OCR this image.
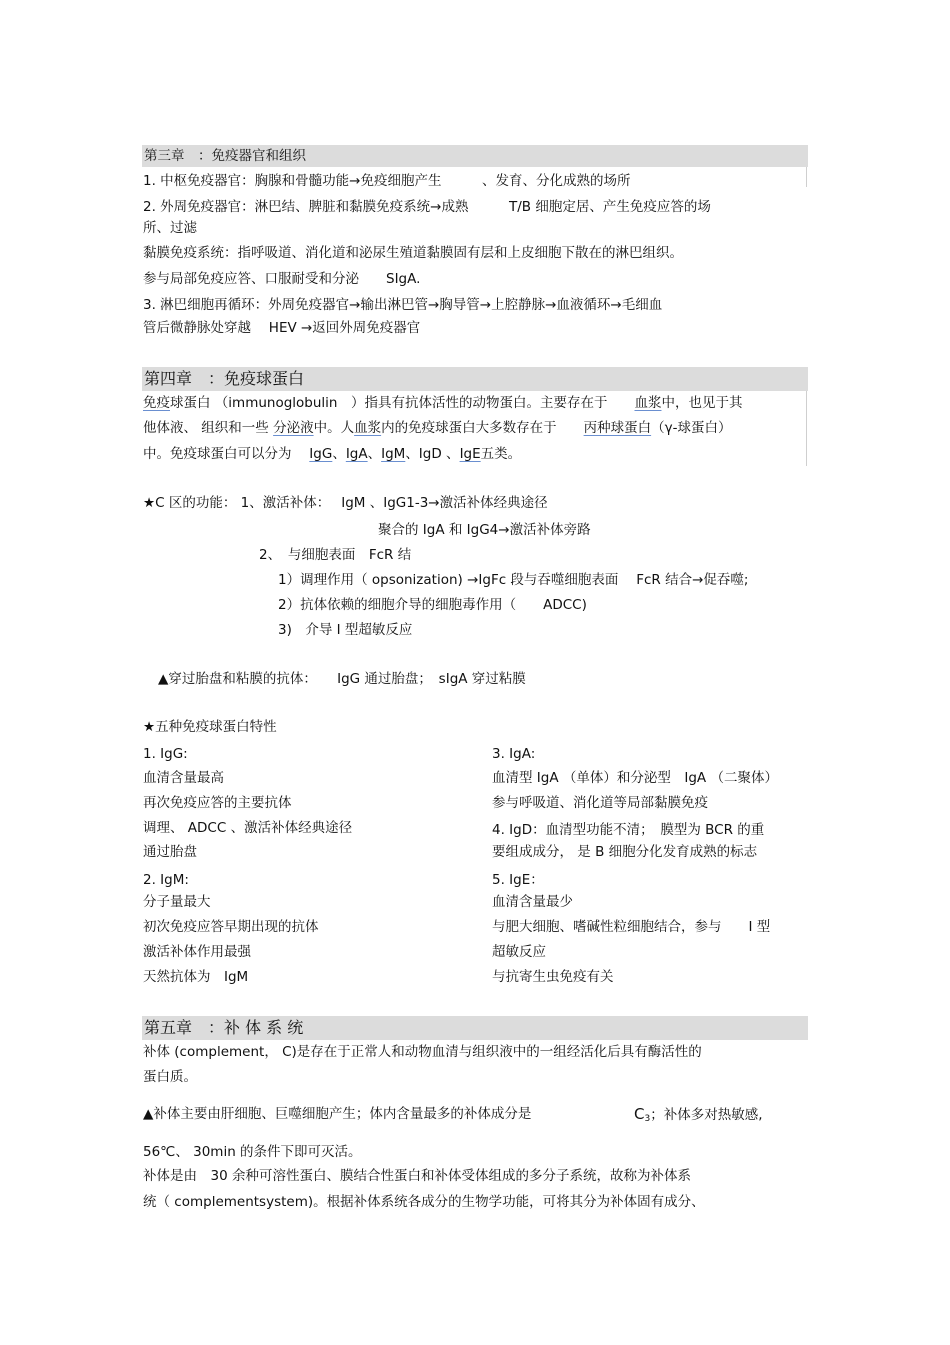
第三章　：免疫器官和组织
1. 中枢免疫器官：胸腺和骨髓功能→免疫细胞产生　　　、发育、分化成熟的场所
2. 外周免疫器官：淋巴结、脾脏和黏膜免疫系统→成熟　　　T/B 细胞定居、产生免疫应答的场
所、过滤
黏膜免疫系统：指呼吸道、消化道和泌尿生殖道黏膜固有层和上皮细胞下散在的淋巴组织。
参与局部免疫应答、口服耐受和分泌　　SIgA.
3. 淋巴细胞再循环：外周免疫器官→输出淋巴管→胸导管→上腔静脉→血液循环→毛细血
管后微静脉处穿越　 HEV →返回外周免疫器官
第四章　：免疫球蛋白
免疫球蛋白 （immunoglobulin　）指具有抗体活性的动物蛋白。主要存在于　　血浆中，也见于其
他体液、 组织和一些 分泌液中。人血浆内的免疫球蛋白大多数存在于　　丙种球蛋白（γ-球蛋白）
中。免疫球蛋白可以分为　 IgG、IgA、IgM、IgD 、IgE五类。
★C 区的功能： 1、激活补体：　 IgM 、IgG1-3→激活补体经典途径
聚合的 IgA 和 IgG4→激活补体旁路
2、　与细胞表面　FcR 结
1）调理作用（ opsonization) →IgFc 段与吞噬细胞表面　 FcR 结合→促吞噬;
2）抗体依赖的细胞介导的细胞毒作用（　　ADCC)
3)　介导 Ⅰ 型超敏反应
▲穿过胎盘和粘膜的抗体：　　IgG 通过胎盘；　sIgA 穿过粘膜
★五种免疫球蛋白特性
1. IgG:
血清含量最高
再次免疫应答的主要抗体
调理、 ADCC 、激活补体经典途径
通过胎盘
2. IgM:
分子量最大
初次免疫应答早期出现的抗体
激活补体作用最强
天然抗体为　IgM
3. IgA:
血清型 IgA （单体）和分泌型　IgA （二聚体）
参与呼吸道、消化道等局部黏膜免疫
4. IgD：血清型功能不清；　膜型为 BCR 的重
要组成成分， 是 B 细胞分化发育成熟的标志
5. IgE：
血清含量最少
与肥大细胞、嗜碱性粒细胞结合，参与　　Ⅰ 型
超敏反应
与抗寄生虫免疫有关
第五章　：补 体 系 统
补体 (complement， C)是存在于正常人和动物血清与组织液中的一组经活化后具有酶活性的
蛋白质。
▲补体主要由肝细胞、巨噬细胞产生；体内含量最多的补体成分是	$C_3$；补体多对热敏感,
56℃、 30min 的条件下即可灭活。
补体是由　30 余种可溶性蛋白、膜结合性蛋白和补体受体组成的多分子系统，故称为补体系
统（ complementsystem)。根据补体系统各成分的生物学功能，可将其分为补体固有成分、
